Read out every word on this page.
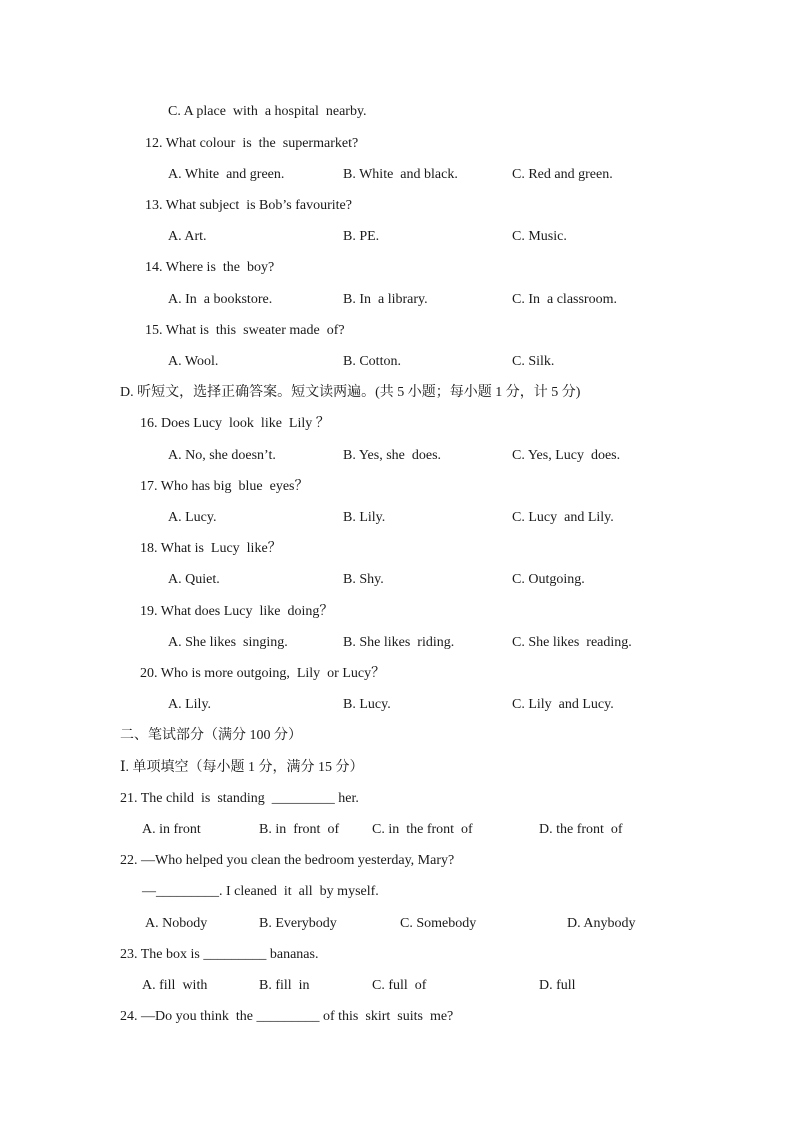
C. A place  with  a hospital  nearby.
12. What colour  is  the  supermarket?
A. White  and green.	B. White  and black.	C. Red and green.
13. What subject  is Bob’s favourite?
A. Art.	B. PE.	C. Music.
14. Where is  the  boy?
A. In  a bookstore.	B. In  a library.	C. In  a classroom.
15. What is  this  sweater made  of?
A. Wool.	B. Cotton.	C. Silk.
D. 听短文，选择正确答案。短文读两遍。(共 5 小题；每小题 1 分，计 5 分)
16. Does Lucy  look  like  Lily ？
A. No, she doesn’t.	B. Yes, she  does.	C. Yes, Lucy  does.
17. Who has big  blue  eyes？
A. Lucy.	B. Lily.	C. Lucy  and Lily.
18. What is  Lucy  like？
A. Quiet.	B. Shy.	C. Outgoing.
19. What does Lucy  like  doing？
A. She likes  singing.	B. She likes  riding.	C. She likes  reading.
20. Who is more outgoing,  Lily  or Lucy？
A. Lily.	B. Lucy.	C. Lily  and Lucy.
二、笔试部分（满分 100 分）
Ⅰ. 单项填空（每小题 1 分，满分 15 分）
21. The child  is  standing  _________ her.
A. in front	B. in  front  of C. in  the front  of	D. the front  of
22. —Who helped you clean the bedroom yesterday, Mary?
—_________. I cleaned  it  all  by myself.
A. Nobody	B. Everybody	C. Somebody	D. Anybody
23. The box is _________ bananas.
A. fill  with	B. fill  in	C. full  of	D. full
24. —Do you think  the _________ of this  skirt  suits  me?
